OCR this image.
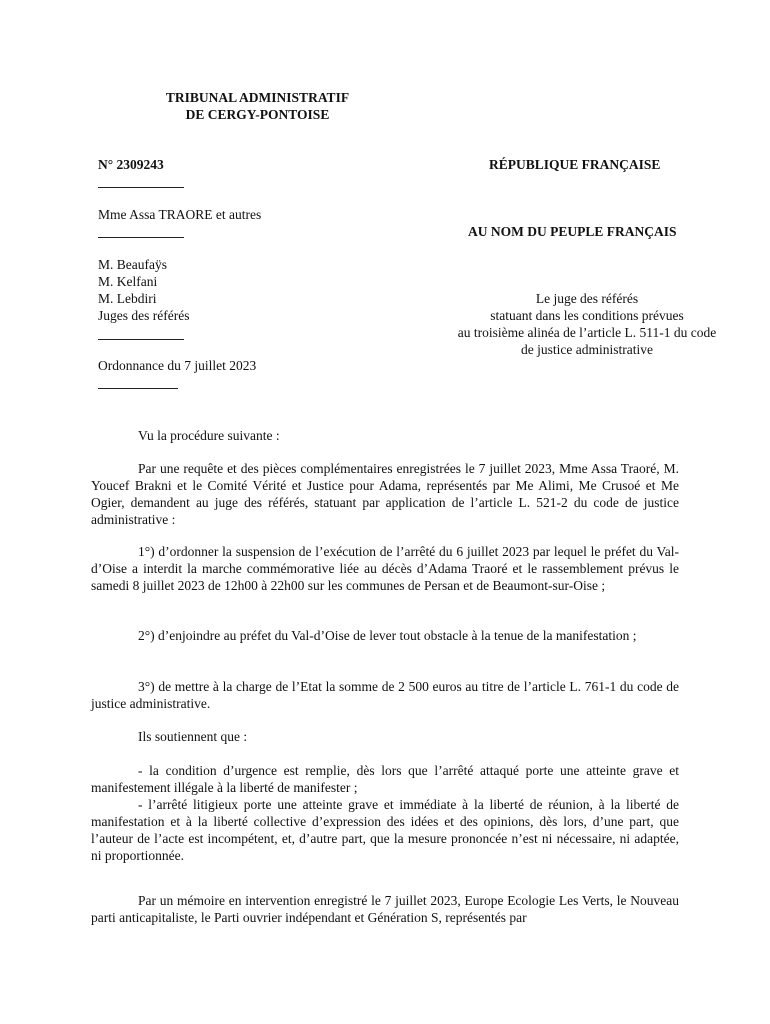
TRIBUNAL ADMINISTRATIF
DE CERGY-PONTOISE
N° 2309243	RÉPUBLIQUE FRANÇAISE
Mme Assa TRAORE et autres
AU NOM DU PEUPLE FRANÇAIS
M. Beaufaÿs
M. Kelfani
M. Lebdiri
Juges des référés
Le juge des référés
statuant dans les conditions prévues
au troisième alinéa de l’article L. 511-1 du code
de justice administrative
Ordonnance du 7 juillet 2023
Vu la procédure suivante :
Par une requête et des pièces complémentaires enregistrées le 7 juillet 2023, Mme Assa Traoré, M. Youcef Brakni et le Comité Vérité et Justice pour Adama, représentés par Me Alimi, Me Crusoé et Me Ogier, demandent au juge des référés, statuant par application de l’article L. 521-2 du code de justice administrative :
1°) d’ordonner la suspension de l’exécution de l’arrêté du 6 juillet 2023 par lequel le préfet du Val-d’Oise a interdit la marche commémorative liée au décès d’Adama Traoré et le rassemblement prévus le samedi 8 juillet 2023 de 12h00 à 22h00 sur les communes de Persan et de Beaumont-sur-Oise ;
2°) d’enjoindre au préfet du Val-d’Oise de lever tout obstacle à la tenue de la manifestation ;
3°) de mettre à la charge de l’Etat la somme de 2 500 euros au titre de l’article L. 761-1 du code de justice administrative.
Ils soutiennent que :
- la condition d’urgence est remplie, dès lors que l’arrêté attaqué porte une atteinte grave et manifestement illégale à la liberté de manifester ;
- l’arrêté litigieux porte une atteinte grave et immédiate à la liberté de réunion, à la liberté de manifestation et à la liberté collective d’expression des idées et des opinions, dès lors, d’une part, que l’auteur de l’acte est incompétent, et, d’autre part, que la mesure prononcée n’est ni nécessaire, ni adaptée, ni proportionnée.
Par un mémoire en intervention enregistré le 7 juillet 2023, Europe Ecologie Les Verts, le Nouveau parti anticapitaliste, le Parti ouvrier indépendant et Génération S, représentés par
